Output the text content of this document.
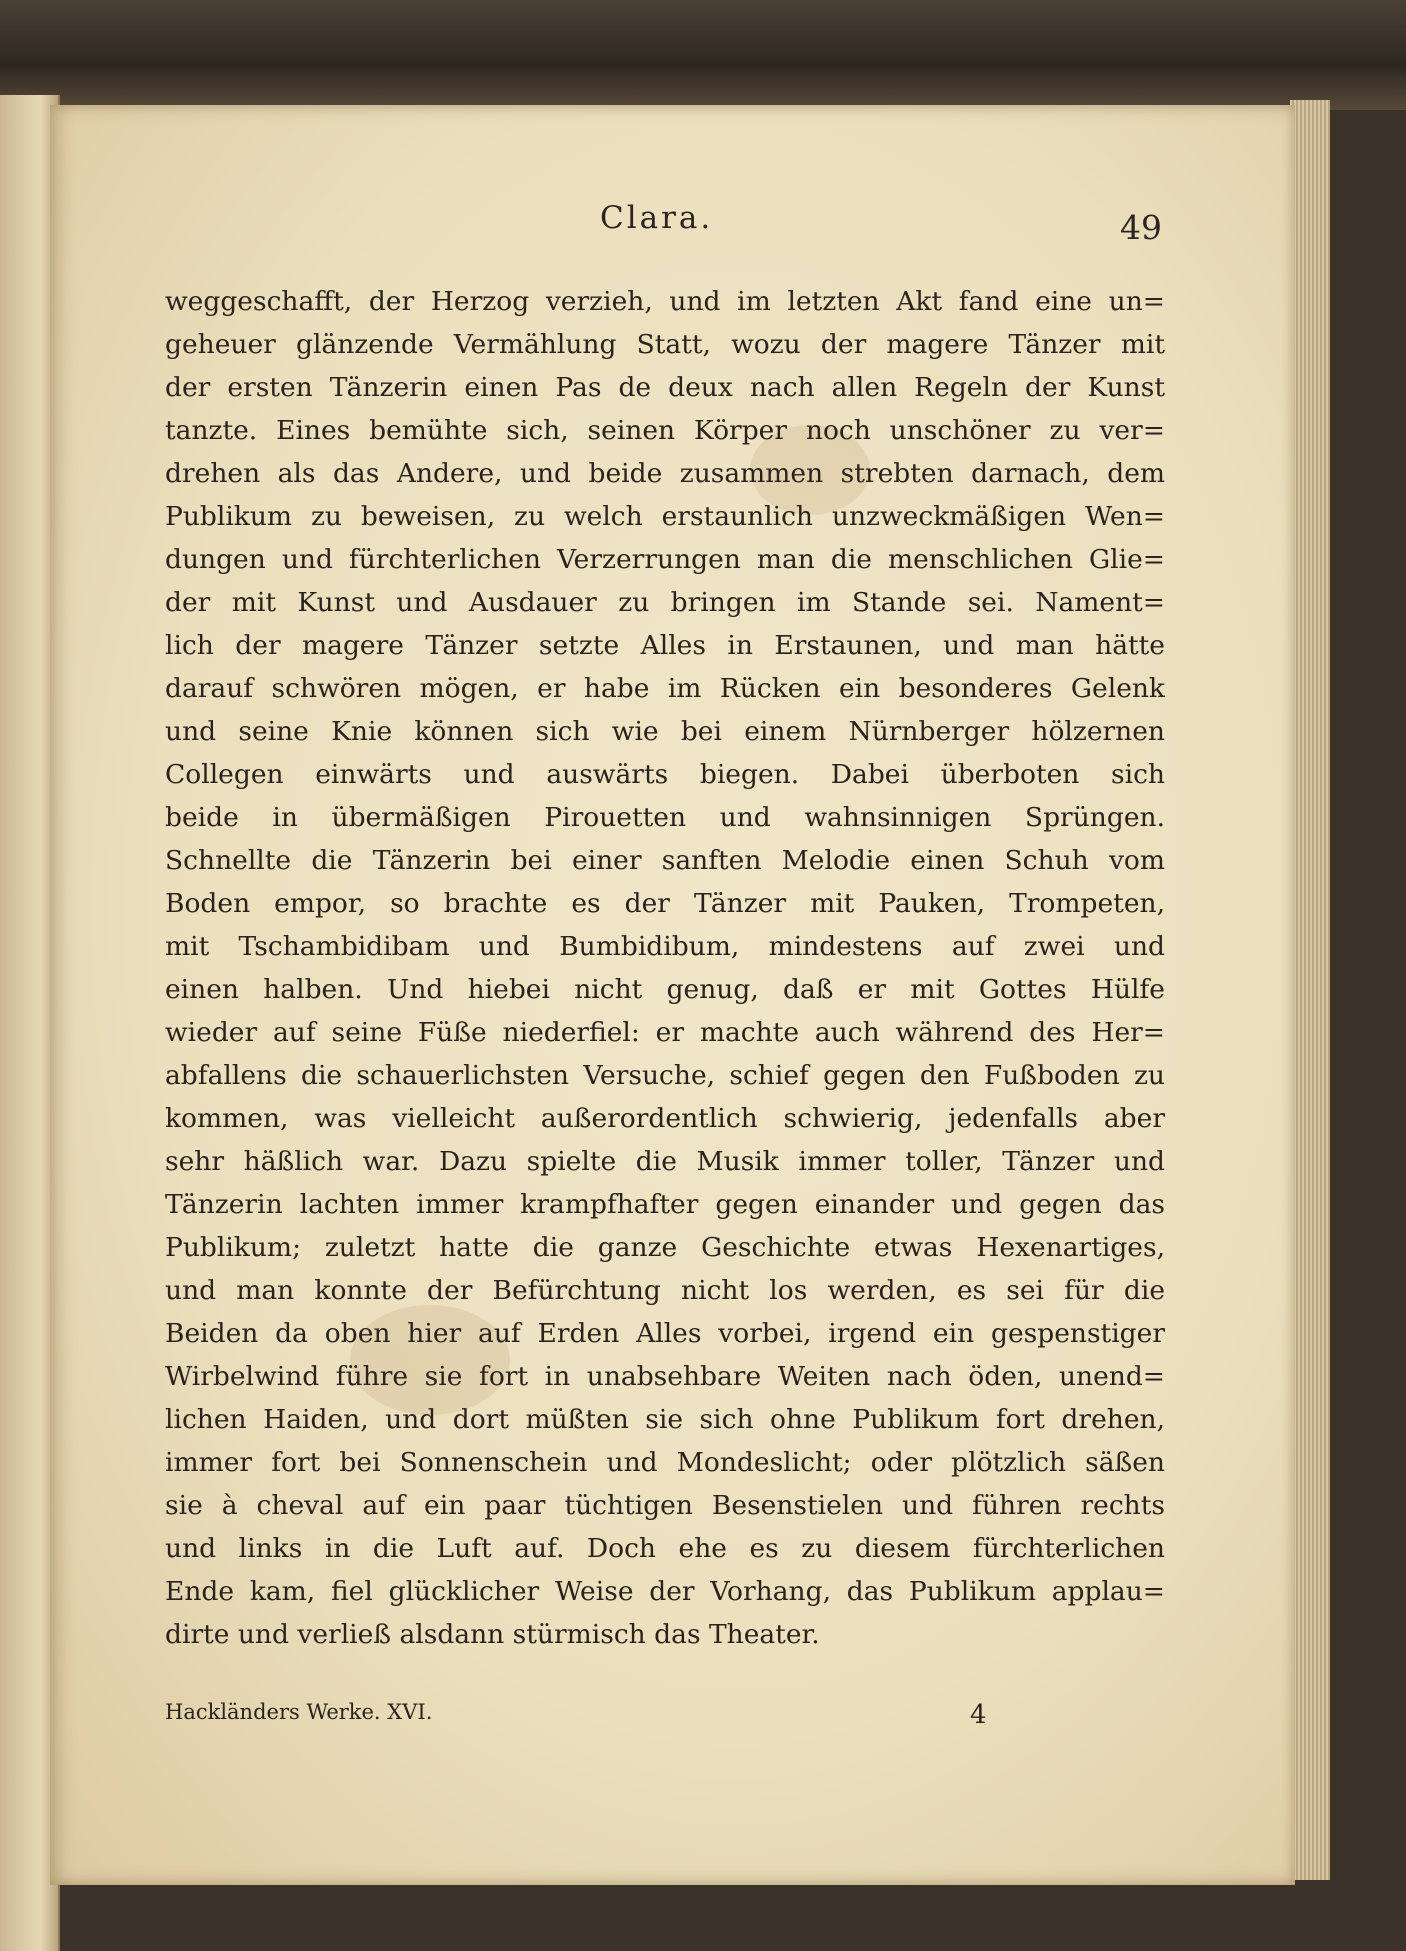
Clara.	49
weggeschafft, der Herzog verzieh, und im letzten Akt fand eine un=
geheuer glänzende Vermählung Statt, wozu der magere Tänzer mit
der ersten Tänzerin einen Pas de deux nach allen Regeln der Kunst
tanzte. Eines bemühte sich, seinen Körper noch unschöner zu ver=
drehen als das Andere, und beide zusammen strebten darnach, dem
Publikum zu beweisen, zu welch erstaunlich unzweckmäßigen Wen=
dungen und fürchterlichen Verzerrungen man die menschlichen Glie=
der mit Kunst und Ausdauer zu bringen im Stande sei. Nament=
lich der magere Tänzer setzte Alles in Erstaunen, und man hätte
darauf schwören mögen, er habe im Rücken ein besonderes Gelenk
und seine Knie können sich wie bei einem Nürnberger hölzernen
Collegen einwärts und auswärts biegen. Dabei überboten sich
beide in übermäßigen Pirouetten und wahnsinnigen Sprüngen.
Schnellte die Tänzerin bei einer sanften Melodie einen Schuh vom
Boden empor, so brachte es der Tänzer mit Pauken, Trompeten,
mit Tschambidibam und Bumbidibum, mindestens auf zwei und
einen halben. Und hiebei nicht genug, daß er mit Gottes Hülfe
wieder auf seine Füße niederfiel: er machte auch während des Her=
abfallens die schauerlichsten Versuche, schief gegen den Fußboden zu
kommen, was vielleicht außerordentlich schwierig, jedenfalls aber
sehr häßlich war. Dazu spielte die Musik immer toller, Tänzer und
Tänzerin lachten immer krampfhafter gegen einander und gegen das
Publikum; zuletzt hatte die ganze Geschichte etwas Hexenartiges,
und man konnte der Befürchtung nicht los werden, es sei für die
Beiden da oben hier auf Erden Alles vorbei, irgend ein gespenstiger
Wirbelwind führe sie fort in unabsehbare Weiten nach öden, unend=
lichen Haiden, und dort müßten sie sich ohne Publikum fort drehen,
immer fort bei Sonnenschein und Mondeslicht; oder plötzlich säßen
sie à cheval auf ein paar tüchtigen Besenstielen und führen rechts
und links in die Luft auf. Doch ehe es zu diesem fürchterlichen
Ende kam, fiel glücklicher Weise der Vorhang, das Publikum applau=
dirte und verließ alsdann stürmisch das Theater.
Hackländers Werke. XVI.	4
